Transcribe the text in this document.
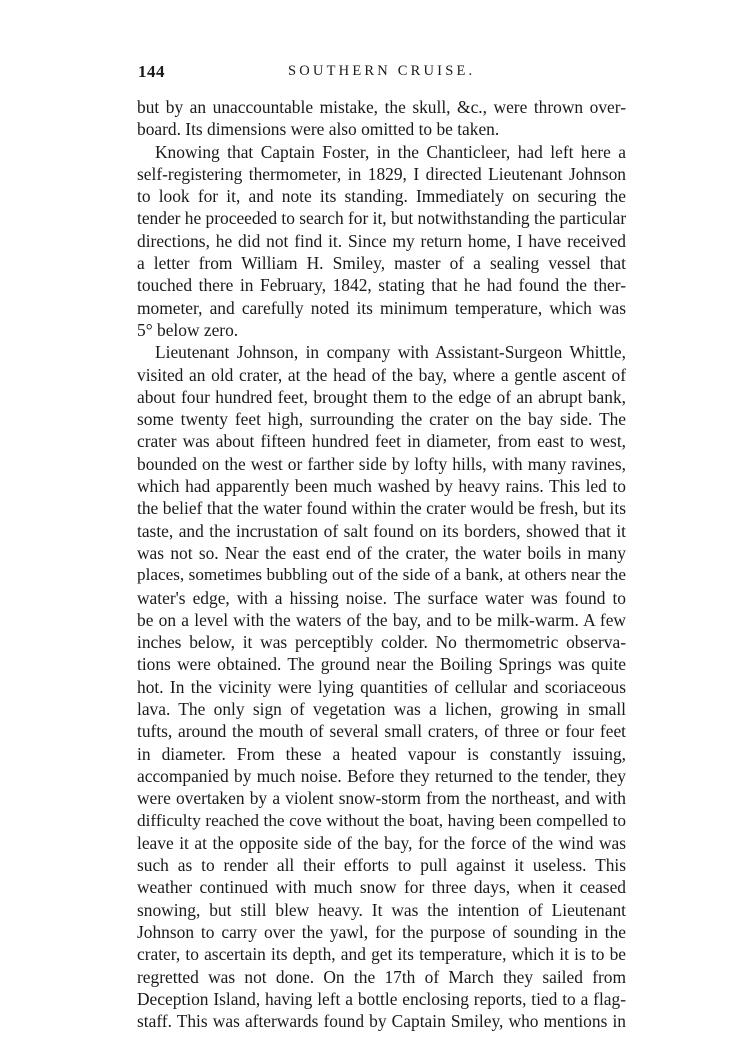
144	SOUTHERN CRUISE.
but by an unaccountable mistake, the skull, &c., were thrown over-
board. Its dimensions were also omitted to be taken.
Knowing that Captain Foster, in the Chanticleer, had left here a
self-registering thermometer, in 1829, I directed Lieutenant Johnson
to look for it, and note its standing. Immediately on securing the
tender he proceeded to search for it, but notwithstanding the particular
directions, he did not find it. Since my return home, I have received
a letter from William H. Smiley, master of a sealing vessel that
touched there in February, 1842, stating that he had found the ther-
mometer, and carefully noted its minimum temperature, which was
5° below zero.
Lieutenant Johnson, in company with Assistant-Surgeon Whittle,
visited an old crater, at the head of the bay, where a gentle ascent of
about four hundred feet, brought them to the edge of an abrupt bank,
some twenty feet high, surrounding the crater on the bay side. The
crater was about fifteen hundred feet in diameter, from east to west,
bounded on the west or farther side by lofty hills, with many ravines,
which had apparently been much washed by heavy rains. This led to
the belief that the water found within the crater would be fresh, but its
taste, and the incrustation of salt found on its borders, showed that it
was not so. Near the east end of the crater, the water boils in many
places, sometimes bubbling out of the side of a bank, at others near the
water's edge, with a hissing noise. The surface water was found to
be on a level with the waters of the bay, and to be milk-warm. A few
inches below, it was perceptibly colder. No thermometric observa-
tions were obtained. The ground near the Boiling Springs was quite
hot. In the vicinity were lying quantities of cellular and scoriaceous
lava. The only sign of vegetation was a lichen, growing in small
tufts, around the mouth of several small craters, of three or four feet
in diameter. From these a heated vapour is constantly issuing,
accompanied by much noise. Before they returned to the tender, they
were overtaken by a violent snow-storm from the northeast, and with
difficulty reached the cove without the boat, having been compelled to
leave it at the opposite side of the bay, for the force of the wind was
such as to render all their efforts to pull against it useless. This
weather continued with much snow for three days, when it ceased
snowing, but still blew heavy. It was the intention of Lieutenant
Johnson to carry over the yawl, for the purpose of sounding in the
crater, to ascertain its depth, and get its temperature, which it is to be
regretted was not done. On the 17th of March they sailed from
Deception Island, having left a bottle enclosing reports, tied to a flag-
staff. This was afterwards found by Captain Smiley, who mentions in
